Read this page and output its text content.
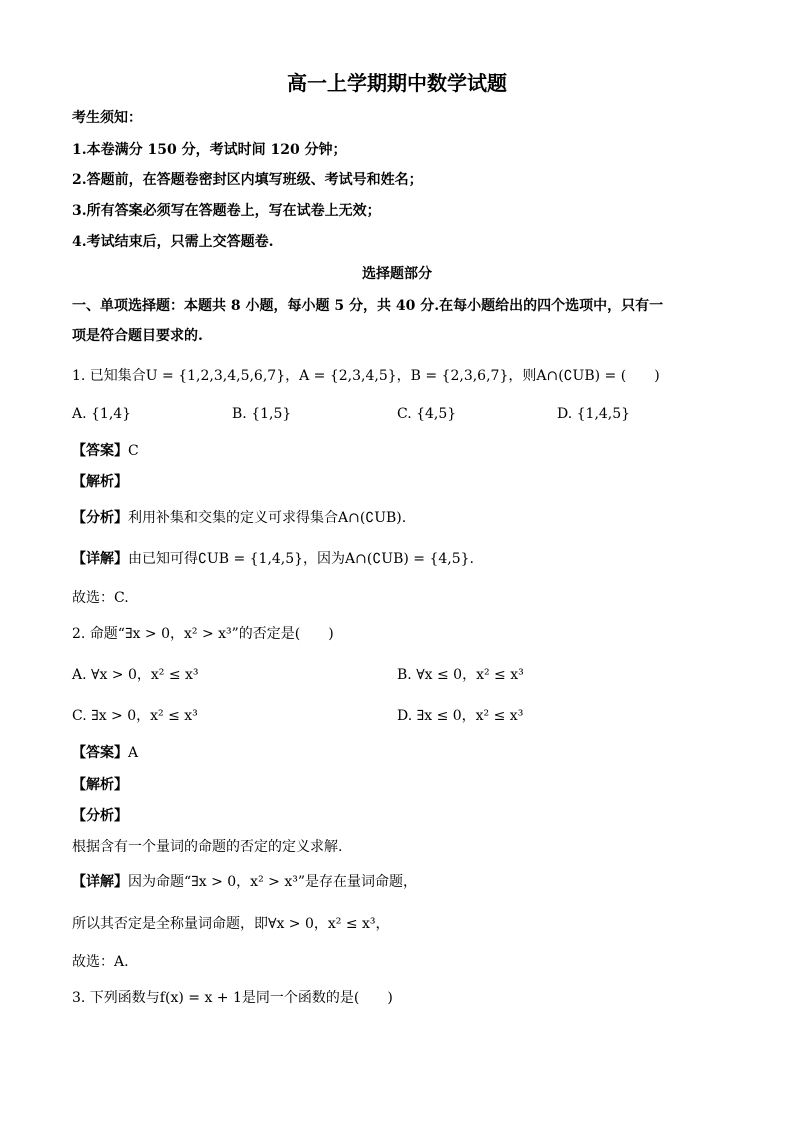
高一上学期期中数学试题
考生须知：
1.本卷满分 150 分，考试时间 120 分钟；
2.答题前，在答题卷密封区内填写班级、考试号和姓名；
3.所有答案必须写在答题卷上，写在试卷上无效；
4.考试结束后，只需上交答题卷.
选择题部分
一、单项选择题：本题共 8 小题，每小题 5 分，共 40 分.在每小题给出的四个选项中，只有一
项是符合题目要求的.
1. 已知集合U = {1,2,3,4,5,6,7}，A = {2,3,4,5}，B = {2,3,6,7}，则A∩(∁UB) = (　　)
A. {1,4}	B. {1,5}	C. {4,5}	D. {1,4,5}
【答案】C
【解析】
【分析】利用补集和交集的定义可求得集合A∩(∁UB).
【详解】由已知可得∁UB = {1,4,5}，因为A∩(∁UB) = {4,5}.
故选：C.
2. 命题“∃x > 0，x² > x³”的否定是(　　)
A. ∀x > 0，x² ≤ x³	B. ∀x ≤ 0，x² ≤ x³
C. ∃x > 0，x² ≤ x³	D. ∃x ≤ 0，x² ≤ x³
【答案】A
【解析】
【分析】
根据含有一个量词的命题的否定的定义求解.
【详解】因为命题“∃x > 0，x² > x³”是存在量词命题，
所以其否定是全称量词命题，即∀x > 0，x² ≤ x³，
故选：A.
3. 下列函数与f(x) = x + 1是同一个函数的是(　　)
